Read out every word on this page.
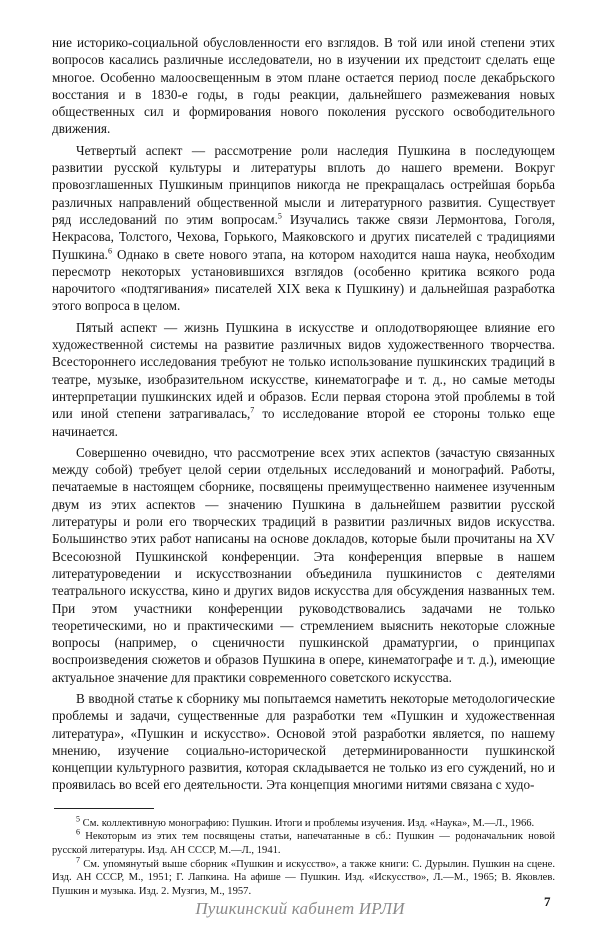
ние историко-социальной обусловленности его взглядов. В той или иной степени этих вопросов касались различные исследователи, но в изучении их предстоит сделать еще многое. Особенно малоосвещенным в этом плане остается период после декабрьского восстания и в 1830-е годы, в годы реакции, дальнейшего размежевания новых общественных сил и формирования нового поколения русского освободительного движения.

Четвертый аспект — рассмотрение роли наследия Пушкина в последующем развитии русской культуры и литературы вплоть до нашего времени. Вокруг провозглашенных Пушкиным принципов никогда не прекращалась острейшая борьба различных направлений общественной мысли и литературного развития. Существует ряд исследований по этим вопросам.$^5$ Изучались также связи Лермонтова, Гоголя, Некрасова, Толстого, Чехова, Горького, Маяковского и других писателей с традициями Пушкина.$^6$ Однако в свете нового этапа, на котором находится наша наука, необходим пересмотр некоторых установившихся взглядов (особенно критика всякого рода нарочитого «подтягивания» писателей XIX века к Пушкину) и дальнейшая разработка этого вопроса в целом.

Пятый аспект — жизнь Пушкина в искусстве и оплодотворяющее влияние его художественной системы на развитие различных видов художественного творчества. Всестороннего исследования требуют не только использование пушкинских традиций в театре, музыке, изобразительном искусстве, кинематографе и т. д., но самые методы интерпретации пушкинских идей и образов. Если первая сторона этой проблемы в той или иной степени затрагивалась,$^7$ то исследование второй ее стороны только еще начинается.

Совершенно очевидно, что рассмотрение всех этих аспектов (зачастую связанных между собой) требует целой серии отдельных исследований и монографий. Работы, печатаемые в настоящем сборнике, посвящены преимущественно наименее изученным двум из этих аспектов — значению Пушкина в дальнейшем развитии русской литературы и роли его творческих традиций в развитии различных видов искусства. Большинство этих работ написаны на основе докладов, которые были прочитаны на XV Всесоюзной Пушкинской конференции. Эта конференция впервые в нашем литературоведении и искусствознании объединила пушкинистов с деятелями театрального искусства, кино и других видов искусства для обсуждения названных тем. При этом участники конференции руководствовались задачами не только теоретическими, но и практическими — стремлением выяснить некоторые сложные вопросы (например, о сценичности пушкинской драматургии, о принципах воспроизведения сюжетов и образов Пушкина в опере, кинематографе и т. д.), имеющие актуальное значение для практики современного советского искусства.

В вводной статье к сборнику мы попытаемся наметить некоторые методологические проблемы и задачи, существенные для разработки тем «Пушкин и художественная литература», «Пушкин и искусство». Основой этой разработки является, по нашему мнению, изучение социально-исторической детерминированности пушкинской концепции культурного развития, которая складывается не только из его суждений, но и проявилась во всей его деятельности. Эта концепция многими нитями связана с худо-

$^5$ См. коллективную монографию: Пушкин. Итоги и проблемы изучения. Изд. «Наука», М.—Л., 1966.

$^6$ Некоторым из этих тем посвящены статьи, напечатанные в сб.: Пушкин — родоначальник новой русской литературы. Изд. АН СССР, М.—Л., 1941.

$^7$ См. упомянутый выше сборник «Пушкин и искусство», а также книги: С. Дурылин. Пушкин на сцене. Изд. АН СССР, М., 1951; Г. Лапкина. На афише — Пушкин. Изд. «Искусство», Л.—М., 1965; В. Яковлев. Пушкин и музыка. Изд. 2. Музгиз, М., 1957.

7
Пушкинский кабинет ИРЛИ
